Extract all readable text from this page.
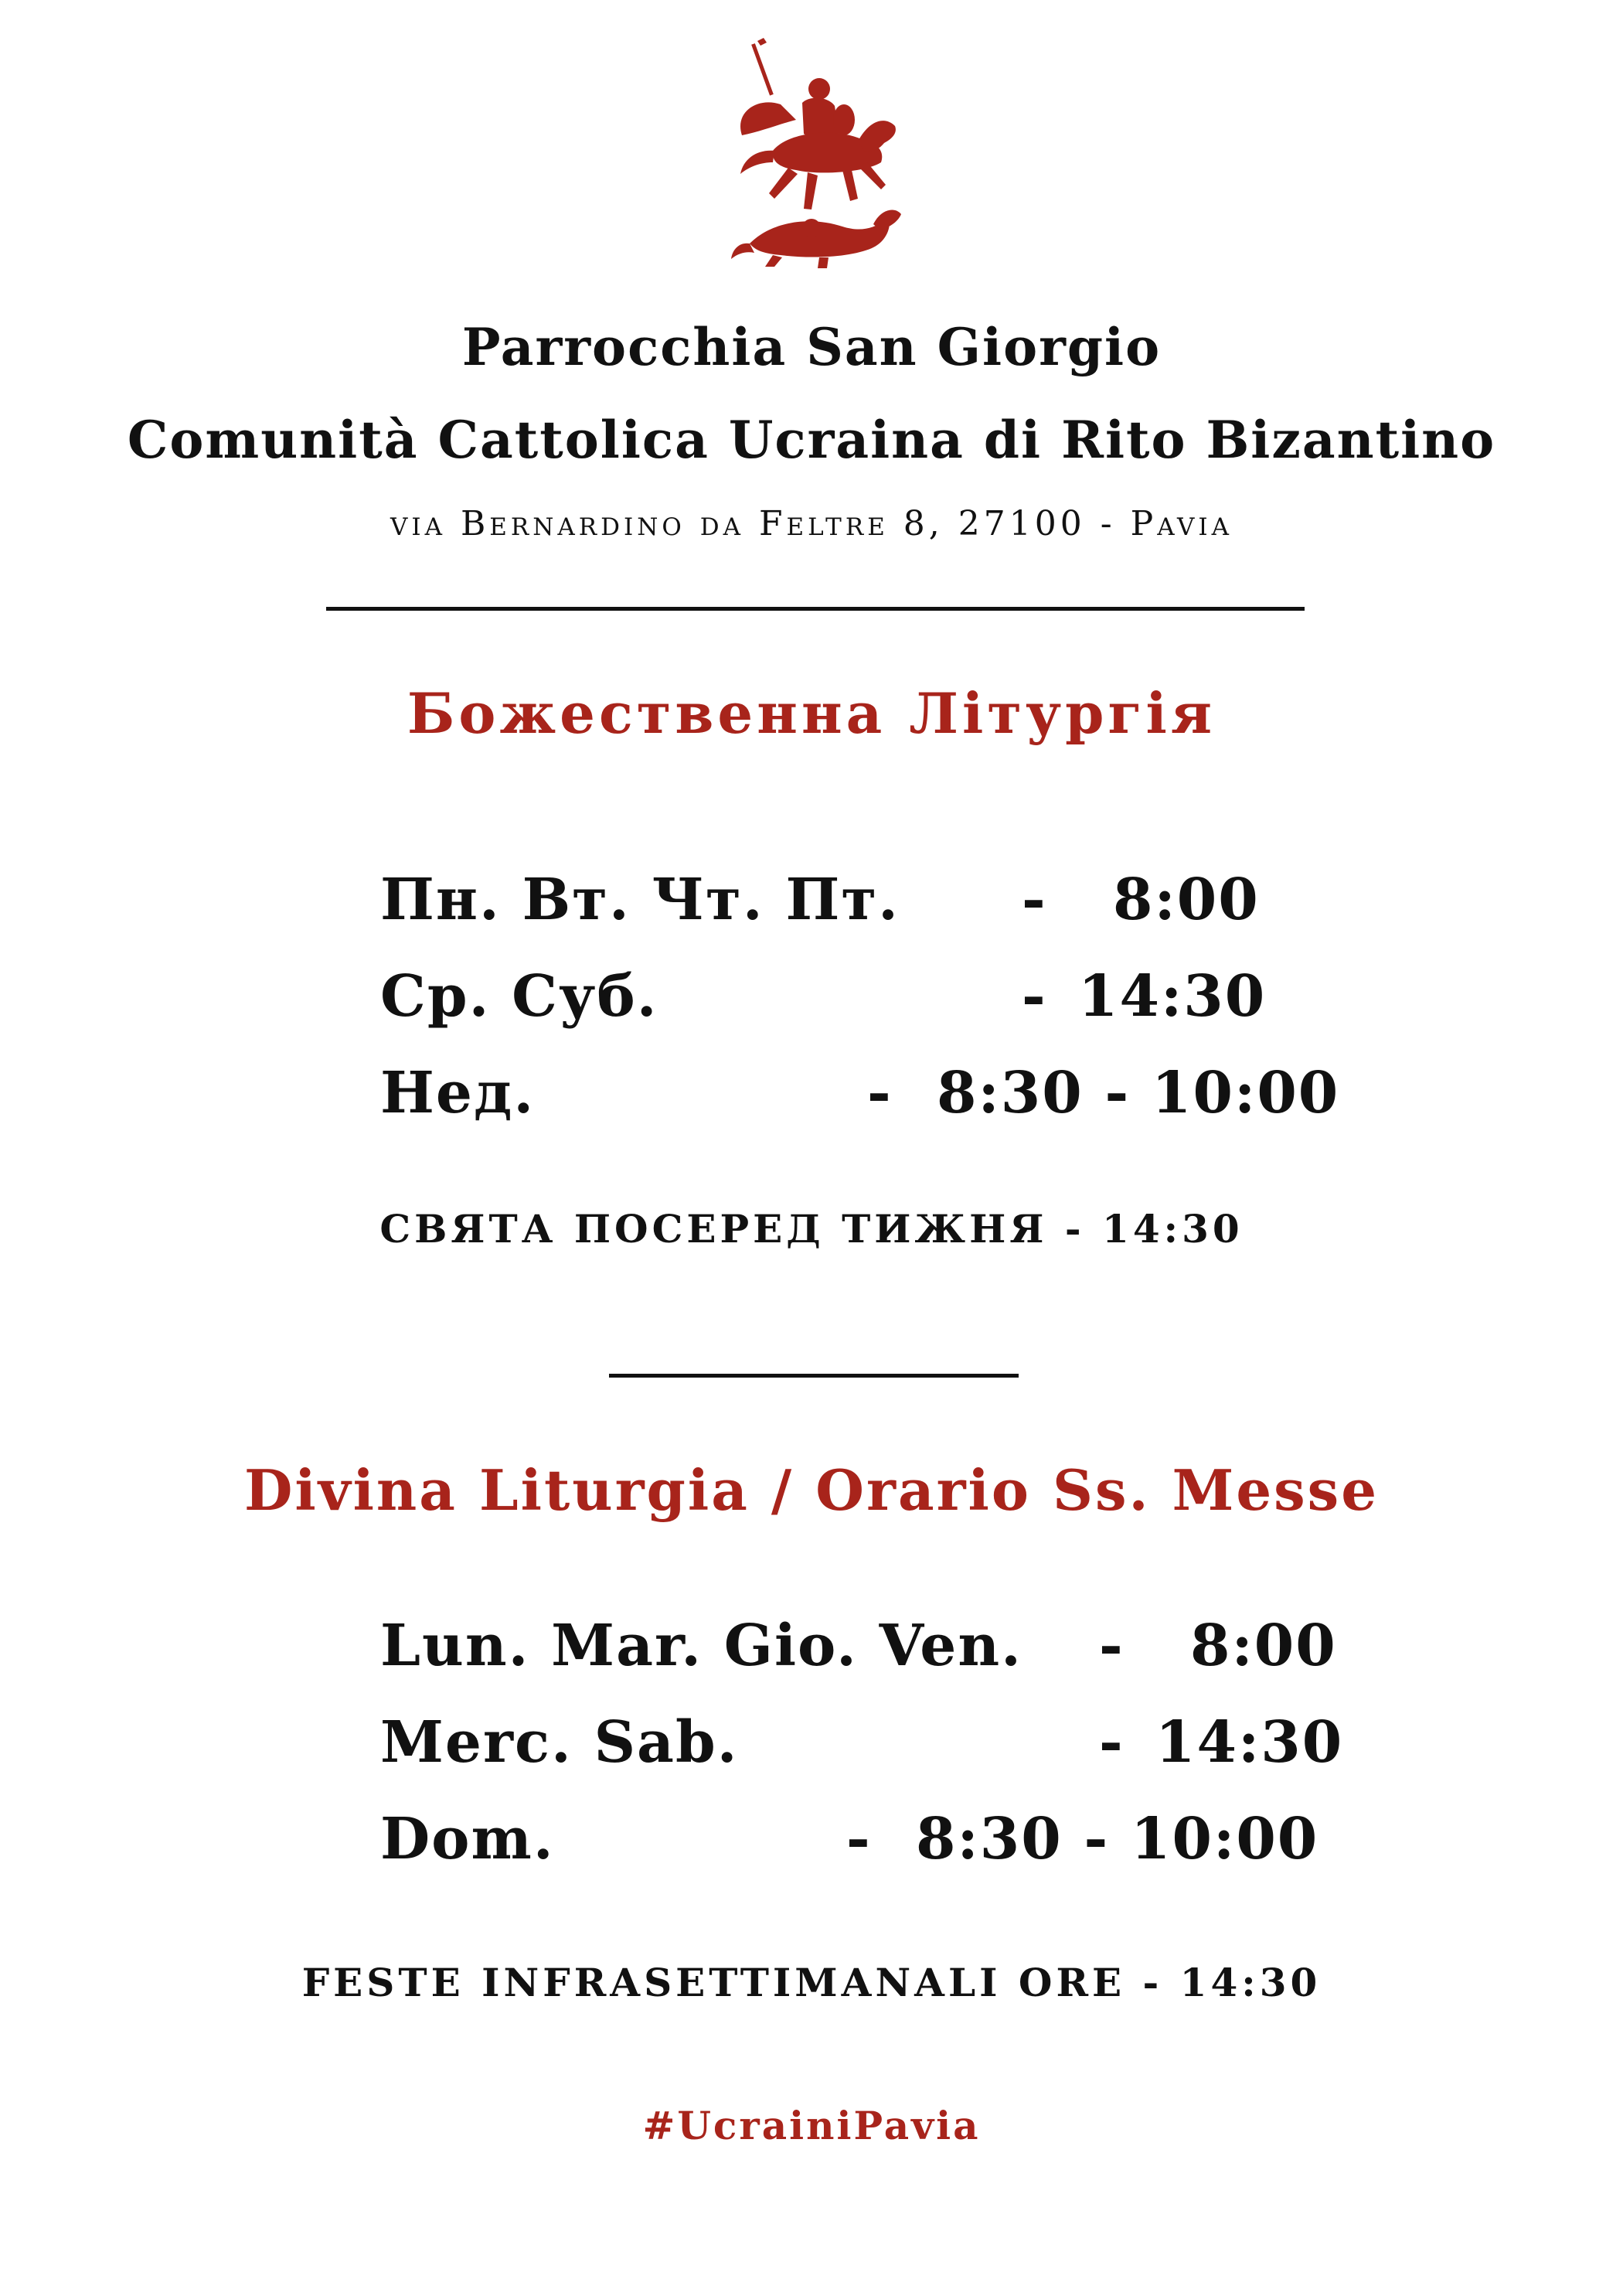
Parrocchia San Giorgio
Comunità Cattolica Ucraina di Rito Bizantino
via Bernardino da Feltre 8, 27100 - Pavia
Божественна Літургія
Пн. Вт. Чт. Пт. - 8:00
Ср. Суб.	- 14:30
Нед.	- 8:30 - 10:00
СВЯТА ПОСЕРЕД ТИЖНЯ - 14:30
Divina Liturgia / Orario Ss. Messe
Lun. Mar. Gio. Ven. - 8:00
Merc. Sab.	- 14:30
Dom.	- 8:30 - 10:00
FESTE INFRASETTIMANALI ORE - 14:30
#UcrainiPavia
